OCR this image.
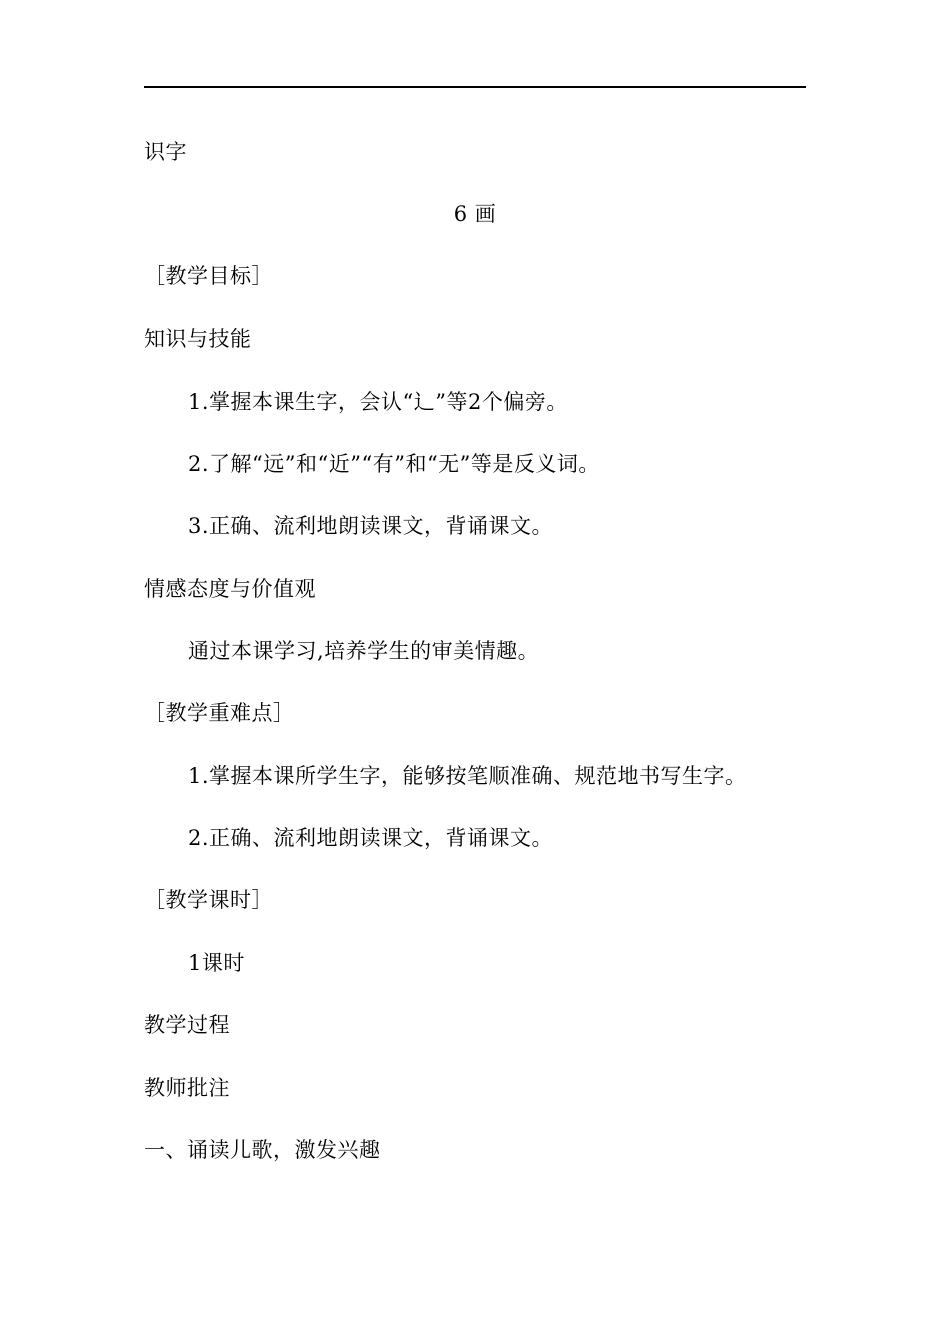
识字
6 画
［教学目标］
知识与技能
1.掌握本课生字，会认“辶”等2个偏旁。
2.了解“远”和“近”“有”和“无”等是反义词。
3.正确、流利地朗读课文，背诵课文。
情感态度与价值观
通过本课学习,培养学生的审美情趣。
［教学重难点］
1.掌握本课所学生字，能够按笔顺准确、规范地书写生字。
2.正确、流利地朗读课文，背诵课文。
［教学课时］
1课时
教学过程
教师批注
一、诵读儿歌，激发兴趣
